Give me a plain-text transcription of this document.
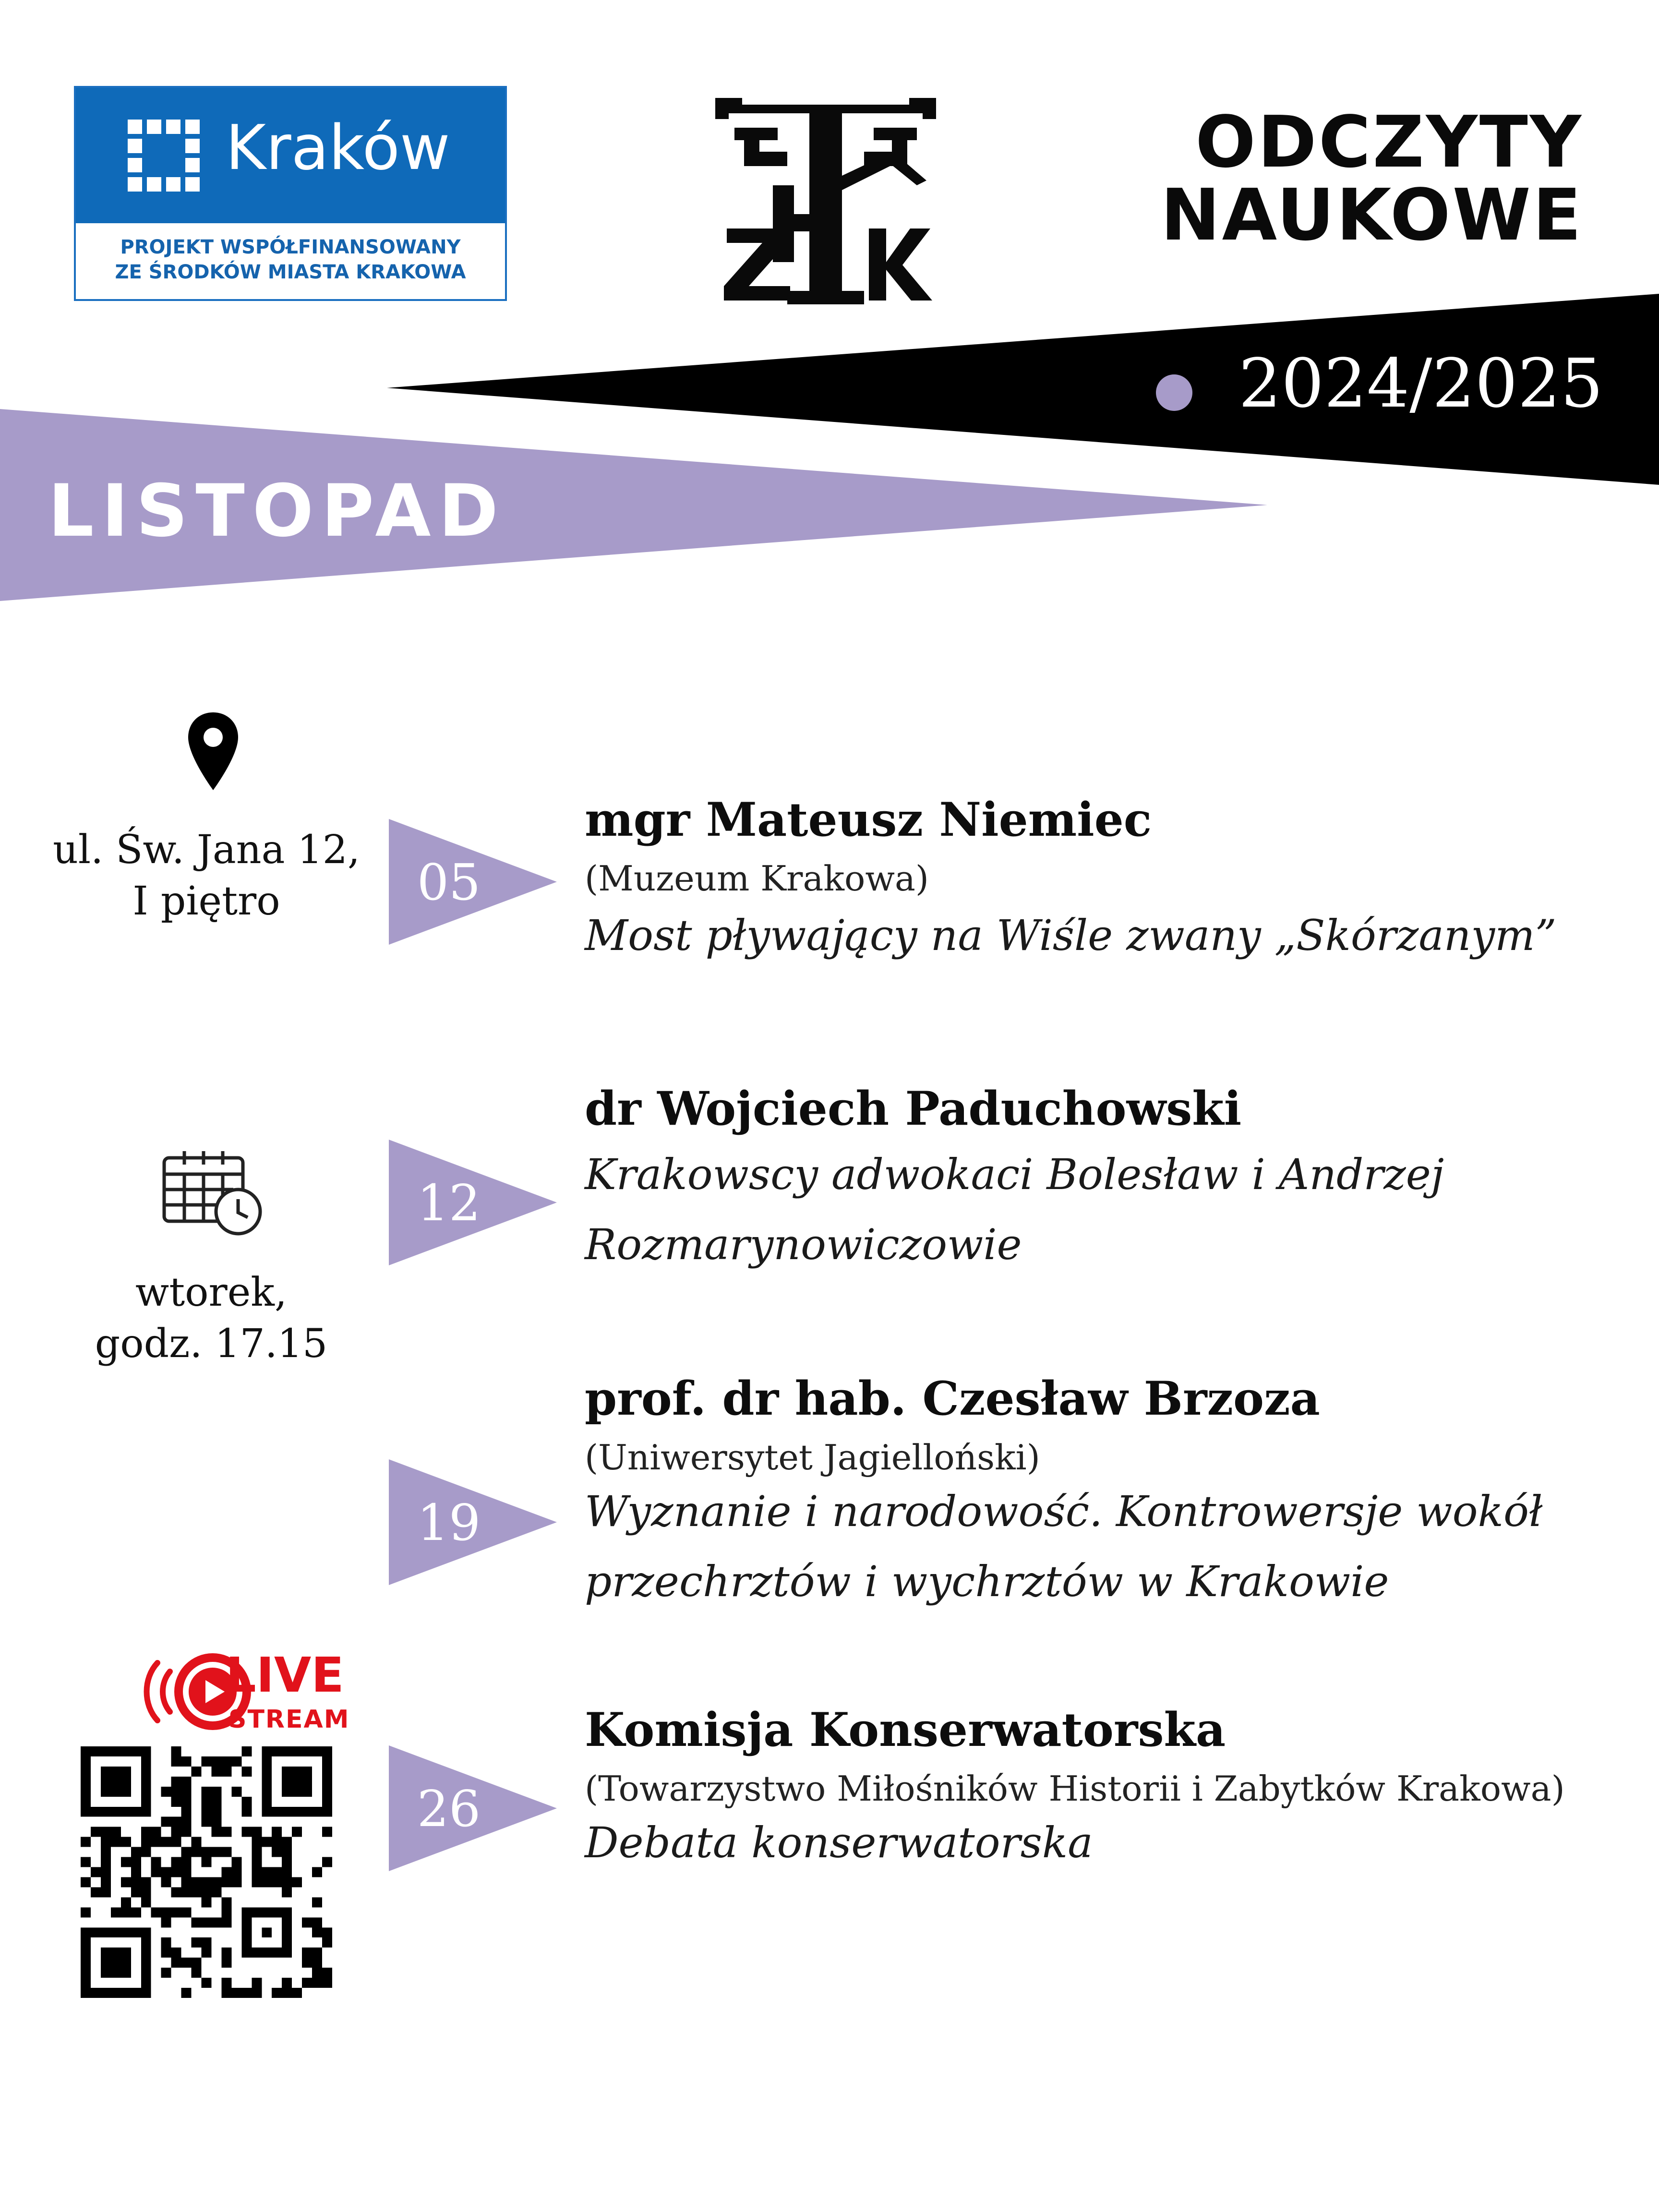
Kraków
PROJEKT WSPÓŁFINANSOWANY
ZE ŚRODKÓW MIASTA KRAKOWA
ODCZYTY
NAUKOWE
2024/2025
LISTOPAD
ul. Św. Jana 12,
I piętro
wtorek,
godz. 17.15
LIVE
STREAM
05
12
19
26
mgr Mateusz Niemiec
(Muzeum Krakowa)
Most pływający na Wiśle zwany „Skórzanym”
dr Wojciech Paduchowski
Krakowscy adwokaci Bolesław i Andrzej Rozmarynowiczowie
prof. dr hab. Czesław Brzoza
(Uniwersytet Jagielloński)
Wyznanie i narodowość. Kontrowersje wokół przechrztów i wychrztów w Krakowie
Komisja Konserwatorska
(Towarzystwo Miłośników Historii i Zabytków Krakowa)
Debata konserwatorska
